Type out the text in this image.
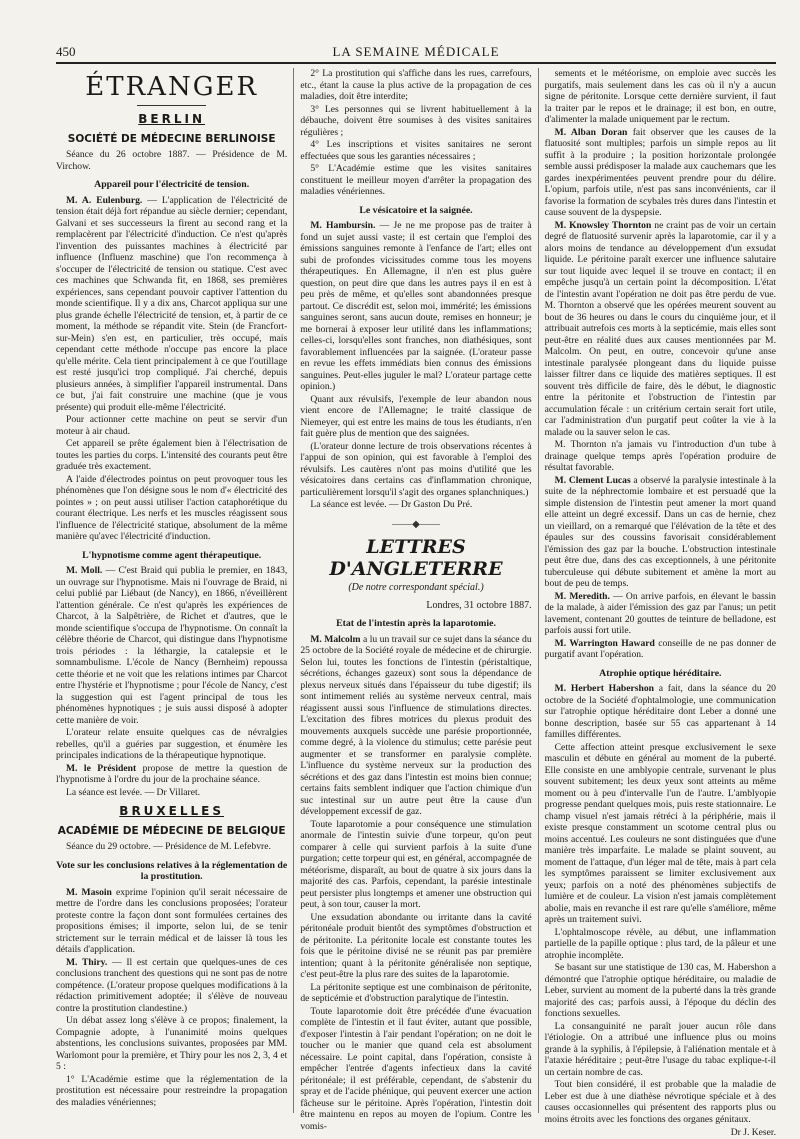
450	LA SEMAINE MÉDICALE
ÉTRANGER
BERLIN
SOCIÉTÉ DE MÉDECINE BERLINOISE

Séance du 26 octobre 1887. — Présidence de M. Virchow.

Appareil pour l'électricité de tension.

M. A. Eulenburg. — L'application de l'électricité de tension était déjà fort répandue au siècle dernier; cependant, Galvani et ses successeurs la firent au second rang et la remplacèrent par l'électricité d'induction. Ce n'est qu'après l'invention des puissantes machines à électricité par influence (Influenz maschine) que l'on recommença à s'occuper de l'électricité de tension ou statique. C'est avec ces machines que Schwanda fit, en 1868, ses premières expériences, sans cependant pouvoir captiver l'attention du monde scientifique. Il y a dix ans, Charcot appliqua sur une plus grande échelle l'électricité de tension, et, à partir de ce moment, la méthode se répandit vite. Stein (de Francfort-sur-Mein) s'en est, en particulier, très occupé, mais cependant cette méthode n'occupe pas encore la place qu'elle mérite. Cela tient principalement à ce que l'outillage est resté jusqu'ici trop compliqué. J'ai cherché, depuis plusieurs années, à simplifier l'appareil instrumental. Dans ce but, j'ai fait construire une machine (que je vous présente) qui produit elle-même l'électricité.

Pour actionner cette machine on peut se servir d'un moteur à air chaud.

Cet appareil se prête également bien à l'électrisation de toutes les parties du corps. L'intensité des courants peut être graduée très exactement.

A l'aide d'électrodes pointus on peut provoquer tous les phénomènes que l'on désigne sous le nom d'« électricité des pointes » ; on peut aussi utiliser l'action cataphorétique du courant électrique. Les nerfs et les muscles réagissent sous l'influence de l'électricité statique, absolument de la même manière qu'avec l'électricité d'induction.

L'hypnotisme comme agent thérapeutique.

M. Moll. — C'est Braid qui publia le premier, en 1843, un ouvrage sur l'hypnotisme. Mais ni l'ouvrage de Braid, ni celui publié par Liébaut (de Nancy), en 1866, n'éveillèrent l'attention générale. Ce n'est qu'après les expériences de Charcot, à la Salpêtrière, de Richet et d'autres, que le monde scientifique s'occupa de l'hypnotisme. On connaît la célèbre théorie de Charcot, qui distingue dans l'hypnotisme trois périodes : la léthargie, la catalepsie et le somnambulisme. L'école de Nancy (Bernheim) repoussa cette théorie et ne voit que les relations intimes par Charcot entre l'hystérie et l'hypnotisme ; pour l'école de Nancy, c'est la suggestion qui est l'agent principal de tous les phénomènes hypnotiques ; je suis aussi disposé à adopter cette manière de voir.

L'orateur relate ensuite quelques cas de névralgies rebelles, qu'il a guéries par suggestion, et énumère les principales indications de la thérapeutique hypnotique.

M. le Président propose de mettre la question de l'hypnotisme à l'ordre du jour de la prochaine séance.

La séance est levée. — Dr Villaret.

BRUXELLES
ACADÉMIE DE MÉDECINE DE BELGIQUE

Séance du 29 octobre. — Présidence de M. Lefebvre.

Vote sur les conclusions relatives à la réglementation de la prostitution.

M. Masoin exprime l'opinion qu'il serait nécessaire de mettre de l'ordre dans les conclusions proposées; l'orateur proteste contre la façon dont sont formulées certaines des propositions émises; il importe, selon lui, de se tenir strictement sur le terrain médical et de laisser là tous les détails d'application.

M. Thiry. — Il est certain que quelques-unes de ces conclusions tranchent des questions qui ne sont pas de notre compétence. (L'orateur propose quelques modifications à la rédaction primitivement adoptée; il s'élève de nouveau contre la prostitution clandestine.)

Un débat assez long s'élève à ce propos; finalement, la Compagnie adopte, à l'unanimité moins quelques abstentions, les conclusions suivantes, proposées par MM. Warlomont pour la première, et Thiry pour les nos 2, 3, 4 et 5 :

1° L'Académie estime que la réglementation de la prostitution est nécessaire pour restreindre la propagation des maladies vénériennes;

2° La prostitution qui s'affiche dans les rues, carrefours, etc., étant la cause la plus active de la propagation de ces maladies, doit être interdite;

3° Les personnes qui se livrent habituellement à la débauche, doivent être soumises à des visites sanitaires régulières ;

4° Les inscriptions et visites sanitaires ne seront effectuées que sous les garanties nécessaires ;

5° L'Académie estime que les visites sanitaires constituent le meilleur moyen d'arrêter la propagation des maladies vénériennes.

Le vésicatoire et la saignée.

M. Hambursin. — Je ne me propose pas de traiter à fond un sujet aussi vaste; il est certain que l'emploi des émissions sanguines remonte à l'enfance de l'art; elles ont subi de profondes vicissitudes comme tous les moyens thérapeutiques. En Allemagne, il n'en est plus guère question, on peut dire que dans les autres pays il en est à peu près de même, et qu'elles sont abandonnées presque partout. Ce discrédit est, selon moi, immérité; les émissions sanguines seront, sans aucun doute, remises en honneur; je me bornerai à exposer leur utilité dans les inflammations; celles-ci, lorsqu'elles sont franches, non diathésiques, sont favorablement influencées par la saignée. (L'orateur passe en revue les effets immédiats bien connus des émissions sanguines. Peut-elles juguler le mal? L'orateur partage cette opinion.)

Quant aux révulsifs, l'exemple de leur abandon nous vient encore de l'Allemagne; le traité classique de Niemeyer, qui est entre les mains de tous les étudiants, n'en fait guère plus de mention que des saignées.

(L'orateur donne lecture de trois observations récentes à l'appui de son opinion, qui est favorable à l'emploi des révulsifs. Les cautères n'ont pas moins d'utilité que les vésicatoires dans certains cas d'inflammation chronique, particulièrement lorsqu'il s'agit des organes splanchniques.)

La séance est levée. — Dr Gaston Du Pré.

——◆——
LETTRES D'ANGLETERRE
(De notre correspondant spécial.)
Londres, 31 octobre 1887.
Etat de l'intestin après la laparotomie.

M. Malcolm a lu un travail sur ce sujet dans la séance du 25 octobre de la Société royale de médecine et de chirurgie. Selon lui, toutes les fonctions de l'intestin (péristaltique, sécrétions, échanges gazeux) sont sous la dépendance de plexus nerveux situés dans l'épaisseur du tube digestif; ils sont intimement reliés au système nerveux central, mais réagissent aussi sous l'influence de stimulations directes. L'excitation des fibres motrices du plexus produit des mouvements auxquels succède une parésie proportionnée, comme degré, à la violence du stimulus; cette parésie peut augmenter et se transformer en paralysie complète. L'influence du système nerveux sur la production des sécrétions et des gaz dans l'intestin est moins bien connue; certains faits semblent indiquer que l'action chimique d'un suc intestinal sur un autre peut être la cause d'un développement excessif de gaz.

Toute laparotomie a pour conséquence une stimulation anormale de l'intestin suivie d'une torpeur, qu'on peut comparer à celle qui survient parfois à la suite d'une purgation; cette torpeur qui est, en général, accompagnée de météorisme, disparaît, au bout de quatre à six jours dans la majorité des cas. Parfois, cependant, la parésie intestinale peut persister plus longtemps et amener une obstruction qui peut, à son tour, causer la mort.

Une exsudation abondante ou irritante dans la cavité péritonéale produit bientôt des symptômes d'obstruction et de péritonite. La péritonite locale est constante toutes les fois que le péritoine divisé ne se réunit pas par première intention; quant à la péritonite généralisée non septique, c'est peut-être la plus rare des suites de la laparotomie.

La péritonite septique est une combinaison de péritonite, de septicémie et d'obstruction paralytique de l'intestin.

Toute laparotomie doit être précédée d'une évacuation complète de l'intestin et il faut éviter, autant que possible, d'exposer l'intestin à l'air pendant l'opération; on ne doit le toucher ou le manier que quand cela est absolument nécessaire. Le point capital, dans l'opération, consiste à empêcher l'entrée d'agents infectieux dans la cavité péritonéale; il est préférable, cependant, de s'abstenir du spray et de l'acide phénique, qui peuvent exercer une action fâcheuse sur le péritoine. Après l'opération, l'intestin doit être maintenu en repos au moyen de l'opium. Contre les vomis-

sements et le météorisme, on emploie avec succès les purgatifs, mais seulement dans les cas où il n'y a aucun signe de péritonite. Lorsque cette dernière survient, il faut la traiter par le repos et le drainage; il est bon, en outre, d'alimenter la malade uniquement par le rectum.

M. Alban Doran fait observer que les causes de la flatuosité sont multiples; parfois un simple repos au lit suffit à la produire ; la position horizontale prolongée semble aussi prédisposer la malade aux cauchemars que les gardes inexpérimentées peuvent prendre pour du délire. L'opium, parfois utile, n'est pas sans inconvénients, car il favorise la formation de scybales très dures dans l'intestin et cause souvent de la dyspepsie.

M. Knowsley Thornton ne craint pas de voir un certain degré de flatuosité survenir après la laparotomie, car il y a alors moins de tendance au développement d'un exsudat liquide. Le péritoine paraît exercer une influence salutaire sur tout liquide avec lequel il se trouve en contact; il en empêche jusqu'à un certain point la décomposition. L'état de l'intestin avant l'opération ne doit pas être perdu de vue. M. Thornton a observé que les opérées meurent souvent au bout de 36 heures ou dans le cours du cinquième jour, et il attribuait autrefois ces morts à la septicémie, mais elles sont peut-être en réalité dues aux causes mentionnées par M. Malcolm. On peut, en outre, concevoir qu'une anse intestinale paralysée plongeant dans du liquide puisse laisser filtrer dans ce liquide des matières septiques. Il est souvent très difficile de faire, dès le début, le diagnostic entre la péritonite et l'obstruction de l'intestin par accumulation fécale : un critérium certain serait fort utile, car l'administration d'un purgatif peut coûter la vie à la malade ou la sauver selon le cas.

M. Thornton n'a jamais vu l'introduction d'un tube à drainage quelque temps après l'opération produire de résultat favorable.

M. Clement Lucas a observé la paralysie intestinale à la suite de la néphrectomie lombaire et est persuadé que la simple distension de l'intestin peut amener la mort quand elle atteint un degré excessif. Dans un cas de hernie, chez un vieillard, on a remarqué que l'élévation de la tête et des épaules sur des coussins favorisait considérablement l'émission des gaz par la bouche. L'obstruction intestinale peut être due, dans des cas exceptionnels, à une péritonite tuberculeuse qui débute subitement et amène la mort au bout de peu de temps.

M. Meredith. — On arrive parfois, en élevant le bassin de la malade, à aider l'émission des gaz par l'anus; un petit lavement, contenant 20 gouttes de teinture de belladone, est parfois aussi fort utile.

M. Warrington Haward conseille de ne pas donner de purgatif avant l'opération.

Atrophie optique héréditaire.

M. Herbert Habershon a fait, dans la séance du 20 octobre de la Société d'ophtalmologie, une communication sur l'atrophie optique héréditaire dont Leber a donné une bonne description, basée sur 55 cas appartenant à 14 familles différentes.

Cette affection atteint presque exclusivement le sexe masculin et débute en général au moment de la puberté. Elle consiste en une amblyopie centrale, survenant le plus souvent subitement; les deux yeux sont atteints au même moment ou à peu d'intervalle l'un de l'autre. L'amblyopie progresse pendant quelques mois, puis reste stationnaire. Le champ visuel n'est jamais rétréci à la périphérie, mais il existe presque constamment un scotome central plus ou moins accentué. Les couleurs ne sont distinguées que d'une manière très imparfaite. Le malade se plaint souvent, au moment de l'attaque, d'un léger mal de tête, mais à part cela les symptômes paraissent se limiter exclusivement aux yeux; parfois on a noté des phénomènes subjectifs de lumière et de couleur. La vision n'est jamais complètement abolie, mais en revanche il est rare qu'elle s'améliore, même après un traitement suivi.

L'ophtalmoscope révèle, au début, une inflammation partielle de la papille optique : plus tard, de la pâleur et une atrophie incomplète.

Se basant sur une statistique de 130 cas, M. Habershon a démontré que l'atrophie optique héréditaire, ou maladie de Leber, survient au moment de la puberté dans la très grande majorité des cas; parfois aussi, à l'époque du déclin des fonctions sexuelles.

La consanguinité ne paraît jouer aucun rôle dans l'étiologie. On a attribué une influence plus ou moins grande à la syphilis, à l'épilepsie, à l'aliénation mentale et à l'ataxie héréditaire ; peut-être l'usage du tabac explique-t-il un certain nombre de cas.

Tout bien considéré, il est probable que la maladie de Leber est due à une diathèse névrotique spéciale et à des causes occasionnelles qui présentent des rapports plus ou moins étroits avec les fonctions des organes génitaux.

Dr J. Keser.
